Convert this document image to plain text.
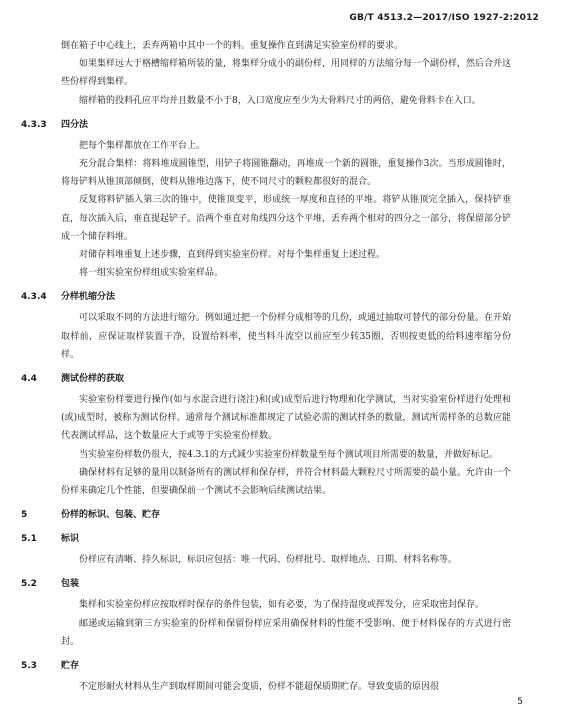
GB/T 4513.2—2017/ISO 1927-2:2012

倒在箱子中心线上，丢弃两箱中其中一个的料。重复操作直到满足实验室份样的要求。

如果集样远大于格槽缩样箱所装的量，将集样分成小的副份样，用同样的方法缩分每一个副份样，然后合并这些份样得到集样。

缩样箱的投料孔应平均并且数量不小于8，入口宽度应至少为大骨料尺寸的两倍，避免骨料卡在入口。

4.3.3 四分法

把每个集样都放在工作平台上。

充分混合集样：将料堆成圆锥型，用铲子将圆锥翻动，再堆成一个新的圆锥，重复操作3次。当形成圆锥时，将每铲料从锥顶部倾倒，使料从锥堆边落下，使不同尺寸的颗粒都很好的混合。

反复将料铲插入第三次的锥中，使锥顶变平，形成统一厚度和直径的平堆。将铲从锥顶完全插入，保持铲垂直，每次插入后，垂直提起铲子。沿两个垂直对角线四分这个平堆，丢弃两个相对的四分之一部分，将保留部分铲成一个储存料堆。

对储存料堆重复上述步骤，直到得到实验室份样。对每个集样重复上述过程。

将一组实验室份样组成实验室样品。

4.3.4 分样机缩分法

可以采取不同的方法进行缩分。例如通过把一个份样分成相等的几份，或通过抽取可替代的部分份量。在开始取样前，应保证取样装置干净，设置给料率，使当料斗流空以前应至少转35圈，否则按更低的给料速率缩分份样。

4.4	测试份样的获取

实验室份样要进行操作(如与水混合进行浇注)和(或)成型后进行物理和化学测试，当对实验室份样进行处理和(或)成型时，被称为测试份样。通常每个测试标准都规定了试验必需的测试样条的数量，测试所需样条的总数应能代表测试样品，这个数量应大于或等于实验室份样数。

当实验室份样数仍很大，按4.3.1的方式减少实验室份样数量至每个测试项目所需要的数量，并做好标记。

确保材料有足够的量用以制备所有的测试样和保存样，并符合材料最大颗粒尺寸所需要的最小量。允许由一个份样来确定几个性能，但要确保前一个测试不会影响后续测试结果。

5	份样的标识、包装、贮存
5.1	标识

份样应有清晰、持久标识，标识应包括：唯一代码、份样批号、取样地点、日期、材料名称等。

5.2	包装

集样和实验室份样应按取样时保存的条件包装，如有必要，为了保持湿度或挥发分，应采取密封保存。

邮递或运输到第三方实验室的份样和保留份样应采用确保材料的性能不受影响、便于材料保存的方式进行密封。

5.3	贮存

不定形耐火材料从生产到取样期间可能会变质，份样不能超保质期贮存。导致变质的原因很

5
